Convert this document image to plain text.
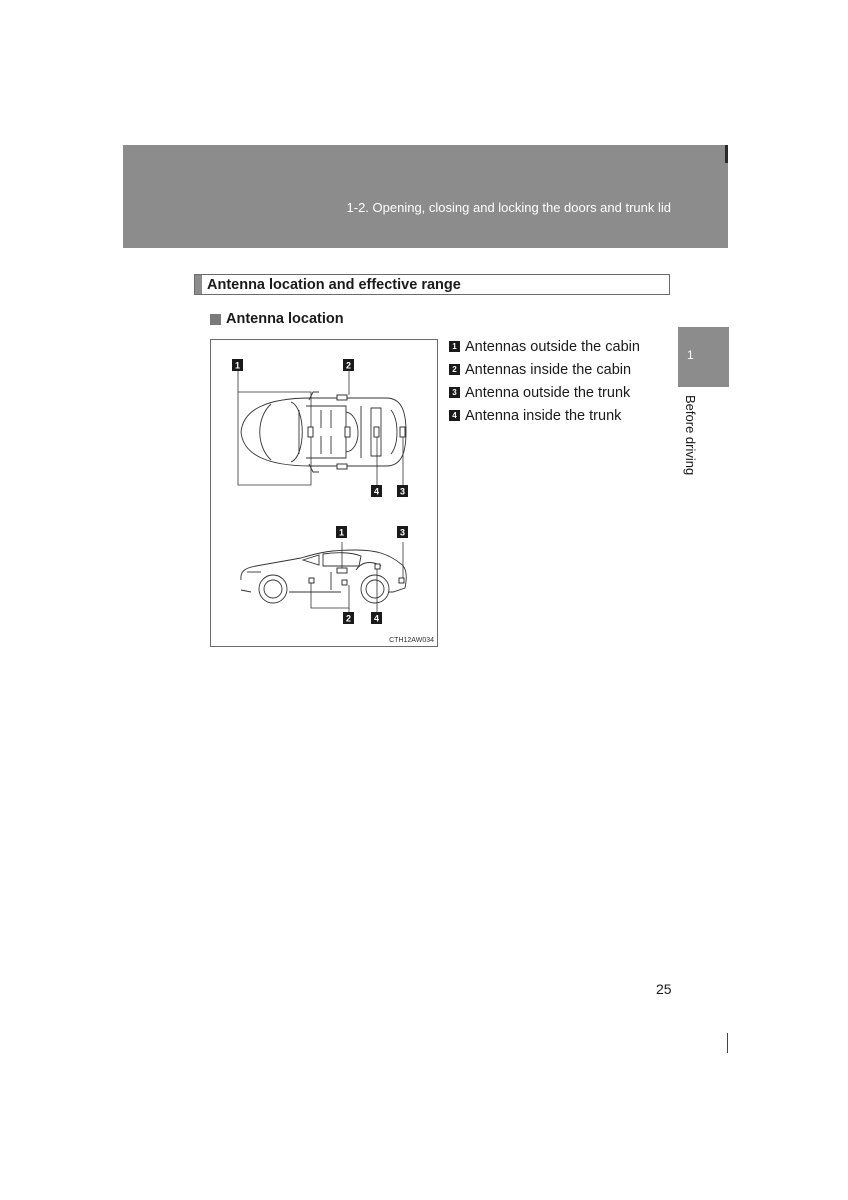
1-2. Opening, closing and locking the doors and trunk lid
Antenna location and effective range
Antenna location
1	2
4 3
1	3
2	4
CTH12AW034
1 Antennas outside the cabin
2 Antennas inside the cabin
3 Antenna outside the trunk
4 Antenna inside the trunk
1
Before driving
25
